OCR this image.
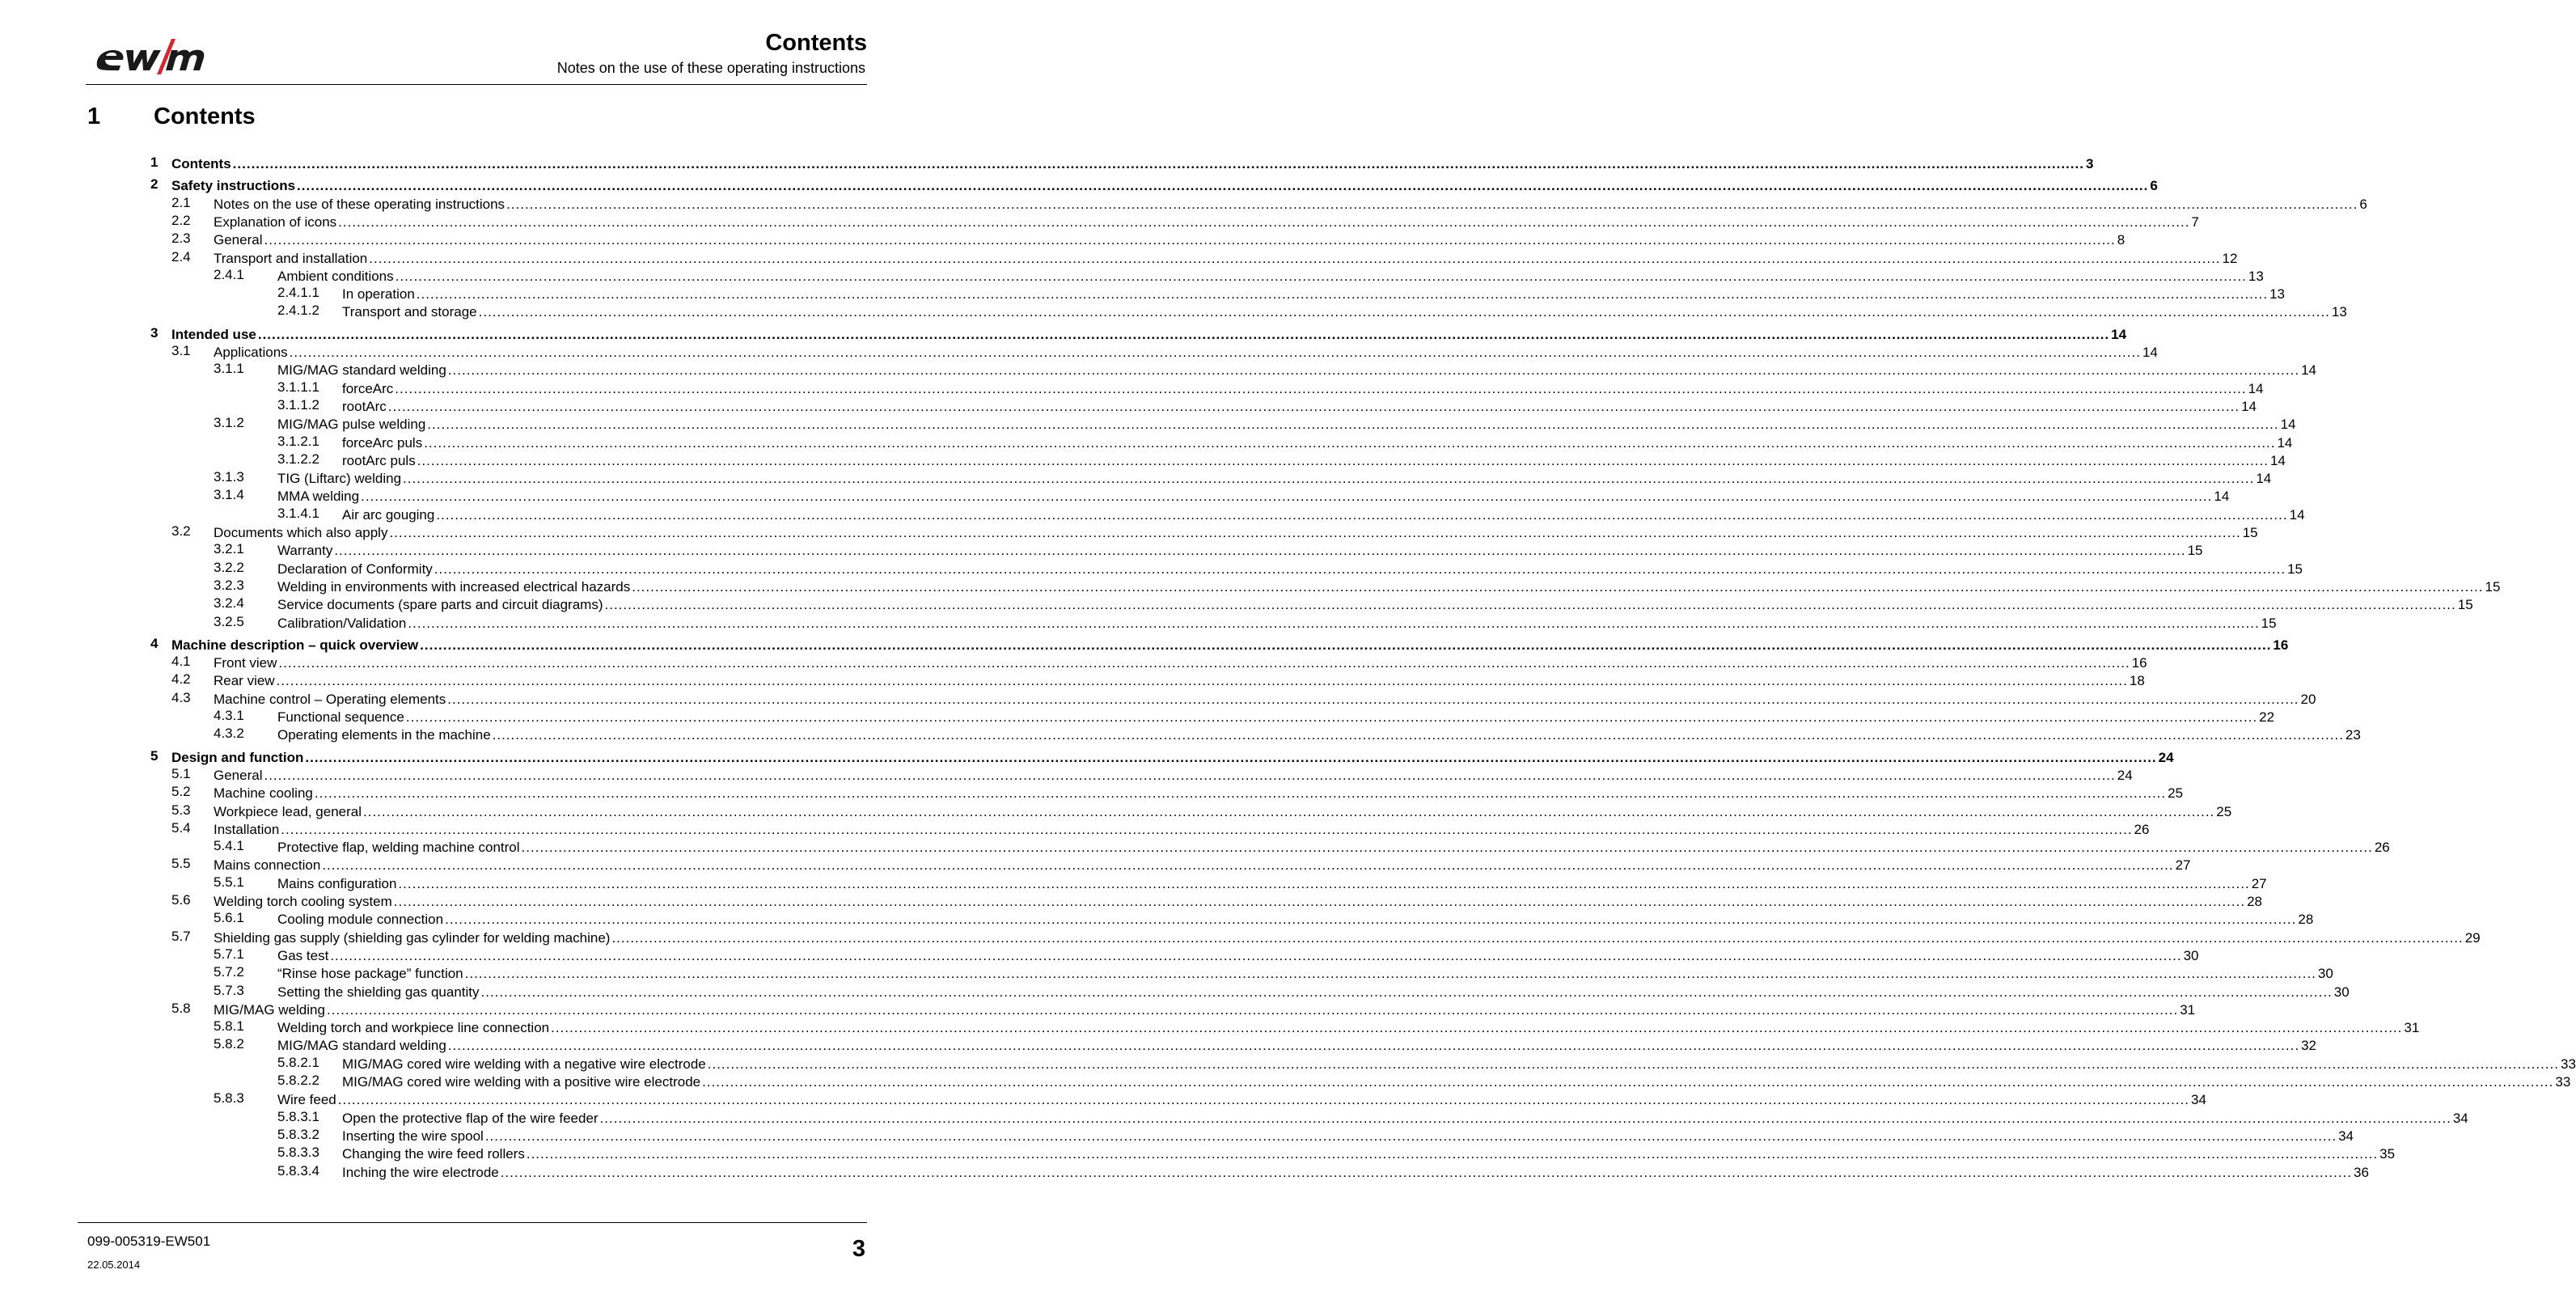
Contents
Notes on the use of these operating instructions
1 Contents
1 Contents ................................................................................................................................................................................................................................................................................................................................................................................................................ 3
2 Safety instructions ................................................................................................................................................................................................................................................................................................................................................................................................................ 6
2.1 Notes on the use of these operating instructions ................................................................................................................................................................................................................................................................................................................................................................................................................ 6
2.2 Explanation of icons ................................................................................................................................................................................................................................................................................................................................................................................................................ 7
2.3 General ................................................................................................................................................................................................................................................................................................................................................................................................................ 8
2.4 Transport and installation ................................................................................................................................................................................................................................................................................................................................................................................................................ 12
2.4.1 Ambient conditions ................................................................................................................................................................................................................................................................................................................................................................................................................ 13
2.4.1.1 In operation ................................................................................................................................................................................................................................................................................................................................................................................................................ 13
2.4.1.2 Transport and storage ................................................................................................................................................................................................................................................................................................................................................................................................................ 13
3 Intended use ................................................................................................................................................................................................................................................................................................................................................................................................................ 14
3.1 Applications ................................................................................................................................................................................................................................................................................................................................................................................................................ 14
3.1.1 MIG/MAG standard welding ................................................................................................................................................................................................................................................................................................................................................................................................................ 14
3.1.1.1 forceArc ................................................................................................................................................................................................................................................................................................................................................................................................................ 14
3.1.1.2 rootArc ................................................................................................................................................................................................................................................................................................................................................................................................................ 14
3.1.2 MIG/MAG pulse welding ................................................................................................................................................................................................................................................................................................................................................................................................................ 14
3.1.2.1 forceArc puls ................................................................................................................................................................................................................................................................................................................................................................................................................ 14
3.1.2.2 rootArc puls ................................................................................................................................................................................................................................................................................................................................................................................................................ 14
3.1.3 TIG (Liftarc) welding ................................................................................................................................................................................................................................................................................................................................................................................................................ 14
3.1.4 MMA welding ................................................................................................................................................................................................................................................................................................................................................................................................................ 14
3.1.4.1 Air arc gouging ................................................................................................................................................................................................................................................................................................................................................................................................................ 14
3.2 Documents which also apply ................................................................................................................................................................................................................................................................................................................................................................................................................ 15
3.2.1 Warranty ................................................................................................................................................................................................................................................................................................................................................................................................................ 15
3.2.2 Declaration of Conformity ................................................................................................................................................................................................................................................................................................................................................................................................................ 15
3.2.3 Welding in environments with increased electrical hazards ................................................................................................................................................................................................................................................................................................................................................................................................................ 15
3.2.4 Service documents (spare parts and circuit diagrams) ................................................................................................................................................................................................................................................................................................................................................................................................................ 15
3.2.5 Calibration/Validation ................................................................................................................................................................................................................................................................................................................................................................................................................ 15
4 Machine description – quick overview ................................................................................................................................................................................................................................................................................................................................................................................................................ 16
4.1 Front view ................................................................................................................................................................................................................................................................................................................................................................................................................ 16
4.2 Rear view ................................................................................................................................................................................................................................................................................................................................................................................................................ 18
4.3 Machine control – Operating elements ................................................................................................................................................................................................................................................................................................................................................................................................................ 20
4.3.1 Functional sequence ................................................................................................................................................................................................................................................................................................................................................................................................................ 22
4.3.2 Operating elements in the machine ................................................................................................................................................................................................................................................................................................................................................................................................................ 23
5 Design and function ................................................................................................................................................................................................................................................................................................................................................................................................................ 24
5.1 General ................................................................................................................................................................................................................................................................................................................................................................................................................ 24
5.2 Machine cooling ................................................................................................................................................................................................................................................................................................................................................................................................................ 25
5.3 Workpiece lead, general ................................................................................................................................................................................................................................................................................................................................................................................................................ 25
5.4 Installation ................................................................................................................................................................................................................................................................................................................................................................................................................ 26
5.4.1 Protective flap, welding machine control ................................................................................................................................................................................................................................................................................................................................................................................................................ 26
5.5 Mains connection ................................................................................................................................................................................................................................................................................................................................................................................................................ 27
5.5.1 Mains configuration ................................................................................................................................................................................................................................................................................................................................................................................................................ 27
5.6 Welding torch cooling system ................................................................................................................................................................................................................................................................................................................................................................................................................ 28
5.6.1 Cooling module connection ................................................................................................................................................................................................................................................................................................................................................................................................................ 28
5.7 Shielding gas supply (shielding gas cylinder for welding machine) ................................................................................................................................................................................................................................................................................................................................................................................................................ 29
5.7.1 Gas test ................................................................................................................................................................................................................................................................................................................................................................................................................ 30
5.7.2 “Rinse hose package” function ................................................................................................................................................................................................................................................................................................................................................................................................................ 30
5.7.3 Setting the shielding gas quantity ................................................................................................................................................................................................................................................................................................................................................................................................................ 30
5.8 MIG/MAG welding ................................................................................................................................................................................................................................................................................................................................................................................................................ 31
5.8.1 Welding torch and workpiece line connection ................................................................................................................................................................................................................................................................................................................................................................................................................ 31
5.8.2 MIG/MAG standard welding ................................................................................................................................................................................................................................................................................................................................................................................................................ 32
5.8.2.1 MIG/MAG cored wire welding with a negative wire electrode ................................................................................................................................................................................................................................................................................................................................................................................................................ 33
5.8.2.2 MIG/MAG cored wire welding with a positive wire electrode ................................................................................................................................................................................................................................................................................................................................................................................................................ 33
5.8.3 Wire feed ................................................................................................................................................................................................................................................................................................................................................................................................................ 34
5.8.3.1 Open the protective flap of the wire feeder ................................................................................................................................................................................................................................................................................................................................................................................................................ 34
5.8.3.2 Inserting the wire spool ................................................................................................................................................................................................................................................................................................................................................................................................................ 34
5.8.3.3 Changing the wire feed rollers ................................................................................................................................................................................................................................................................................................................................................................................................................ 35
5.8.3.4 Inching the wire electrode ................................................................................................................................................................................................................................................................................................................................................................................................................ 36
099-005319-EW501
22.05.2014
3
